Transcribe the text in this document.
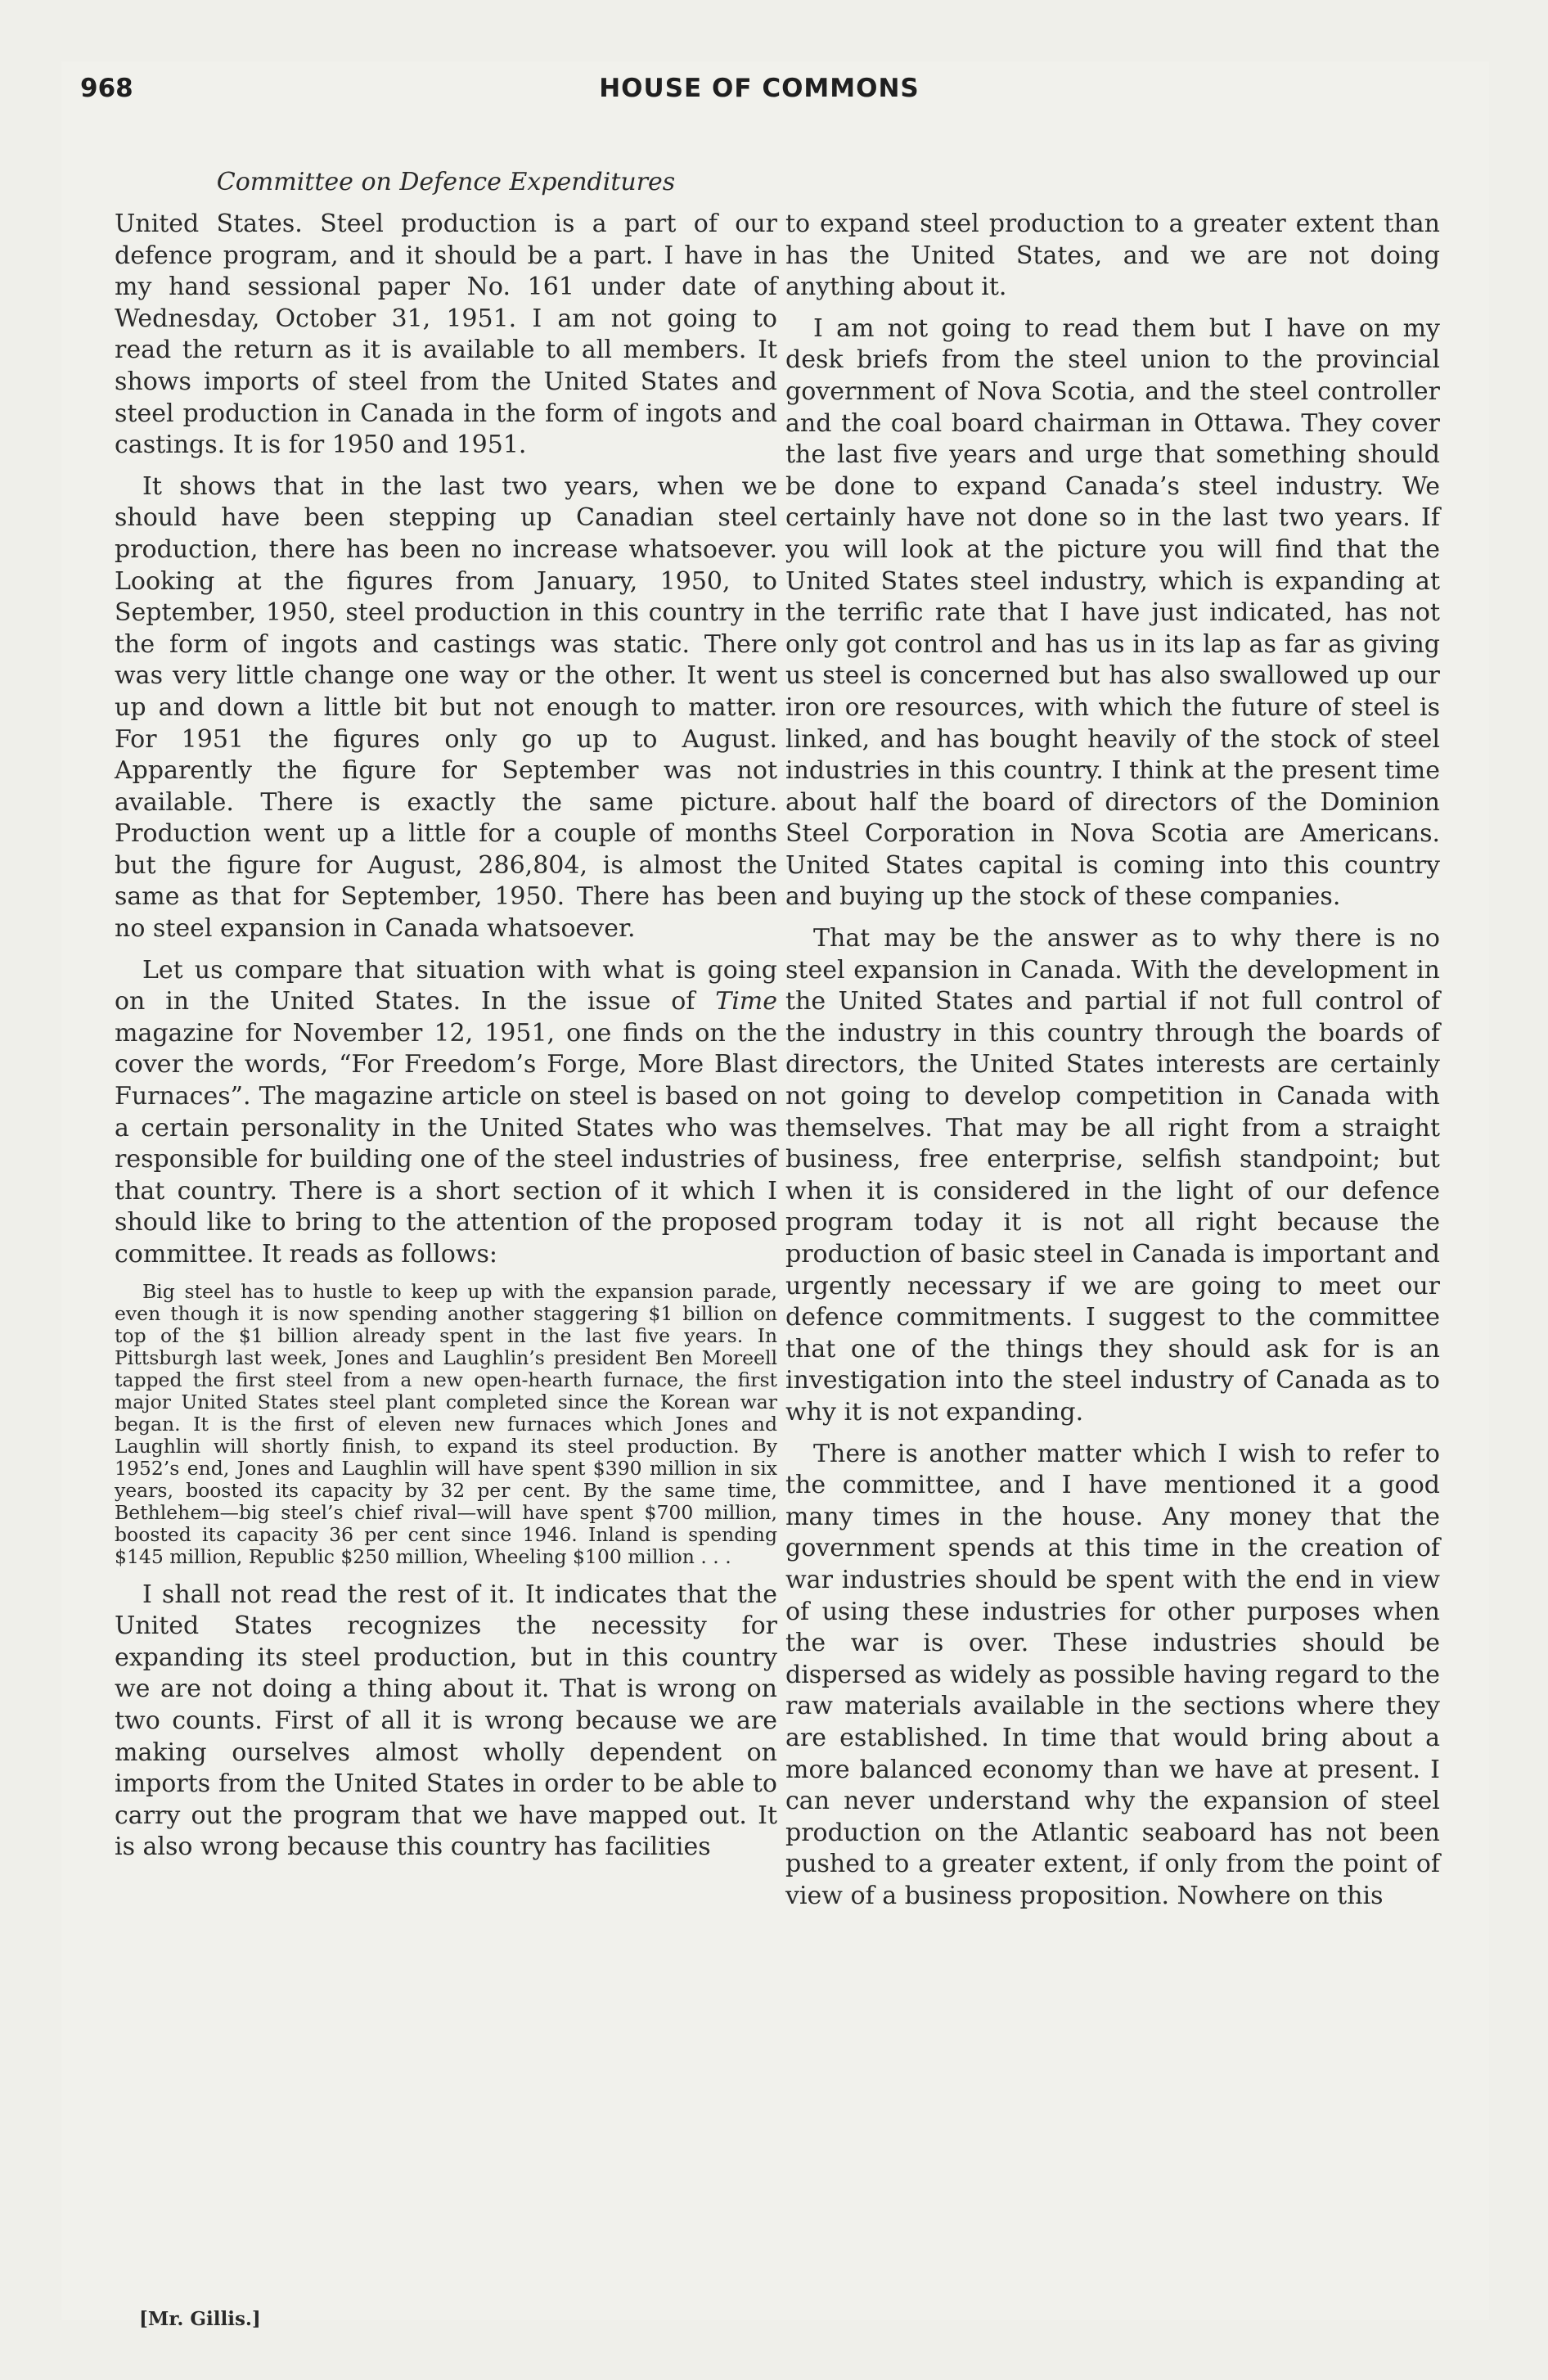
968	HOUSE OF COMMONS
Committee on Defence Expenditures

United States. Steel production is a part of our defence program, and it should be a part. I have in my hand sessional paper No. 161 under date of Wednesday, October 31, 1951. I am not going to read the return as it is available to all members. It shows imports of steel from the United States and steel production in Canada in the form of ingots and castings. It is for 1950 and 1951.

It shows that in the last two years, when we should have been stepping up Canadian steel production, there has been no increase whatsoever. Looking at the figures from January, 1950, to September, 1950, steel production in this country in the form of ingots and castings was static. There was very little change one way or the other. It went up and down a little bit but not enough to matter. For 1951 the figures only go up to August. Apparently the figure for September was not available. There is exactly the same picture. Production went up a little for a couple of months but the figure for August, 286,804, is almost the same as that for September, 1950. There has been no steel expansion in Canada whatsoever.

Let us compare that situation with what is going on in the United States. In the issue of Time magazine for November 12, 1951, one finds on the cover the words, “For Freedom’s Forge, More Blast Furnaces”. The magazine article on steel is based on a certain personality in the United States who was responsible for building one of the steel industries of that country. There is a short section of it which I should like to bring to the attention of the proposed committee. It reads as follows:

Big steel has to hustle to keep up with the expansion parade, even though it is now spending another staggering $1 billion on top of the $1 billion already spent in the last five years. In Pittsburgh last week, Jones and Laughlin’s president Ben Moreell tapped the first steel from a new open-hearth furnace, the first major United States steel plant completed since the Korean war began. It is the first of eleven new furnaces which Jones and Laughlin will shortly finish, to expand its steel production. By 1952’s end, Jones and Laughlin will have spent $390 million in six years, boosted its capacity by 32 per cent. By the same time, Bethlehem—big steel’s chief rival—will have spent $700 million, boosted its capacity 36 per cent since 1946. Inland is spending $145 million, Republic $250 million, Wheeling $100 million . . .

I shall not read the rest of it. It indicates that the United States recognizes the necessity for expanding its steel production, but in this country we are not doing a thing about it. That is wrong on two counts. First of all it is wrong because we are making ourselves almost wholly dependent on imports from the United States in order to be able to carry out the program that we have mapped out. It is also wrong because this country has facilities

[Mr. Gillis.]

to expand steel production to a greater extent than has the United States, and we are not doing anything about it.

I am not going to read them but I have on my desk briefs from the steel union to the provincial government of Nova Scotia, and the steel controller and the coal board chairman in Ottawa. They cover the last five years and urge that something should be done to expand Canada’s steel industry. We certainly have not done so in the last two years. If you will look at the picture you will find that the United States steel industry, which is expanding at the terrific rate that I have just indicated, has not only got control and has us in its lap as far as giving us steel is concerned but has also swallowed up our iron ore resources, with which the future of steel is linked, and has bought heavily of the stock of steel industries in this country. I think at the present time about half the board of directors of the Dominion Steel Corporation in Nova Scotia are Americans. United States capital is coming into this country and buying up the stock of these companies.

That may be the answer as to why there is no steel expansion in Canada. With the development in the United States and partial if not full control of the industry in this country through the boards of directors, the United States interests are certainly not going to develop competition in Canada with themselves. That may be all right from a straight business, free enterprise, selfish standpoint; but when it is considered in the light of our defence program today it is not all right because the production of basic steel in Canada is important and urgently necessary if we are going to meet our defence commitments. I suggest to the committee that one of the things they should ask for is an investigation into the steel industry of Canada as to why it is not expanding.

There is another matter which I wish to refer to the committee, and I have mentioned it a good many times in the house. Any money that the government spends at this time in the creation of war industries should be spent with the end in view of using these industries for other purposes when the war is over. These industries should be dispersed as widely as possible having regard to the raw materials available in the sections where they are established. In time that would bring about a more balanced economy than we have at present. I can never understand why the expansion of steel production on the Atlantic seaboard has not been pushed to a greater extent, if only from the point of view of a business proposition. Nowhere on this
